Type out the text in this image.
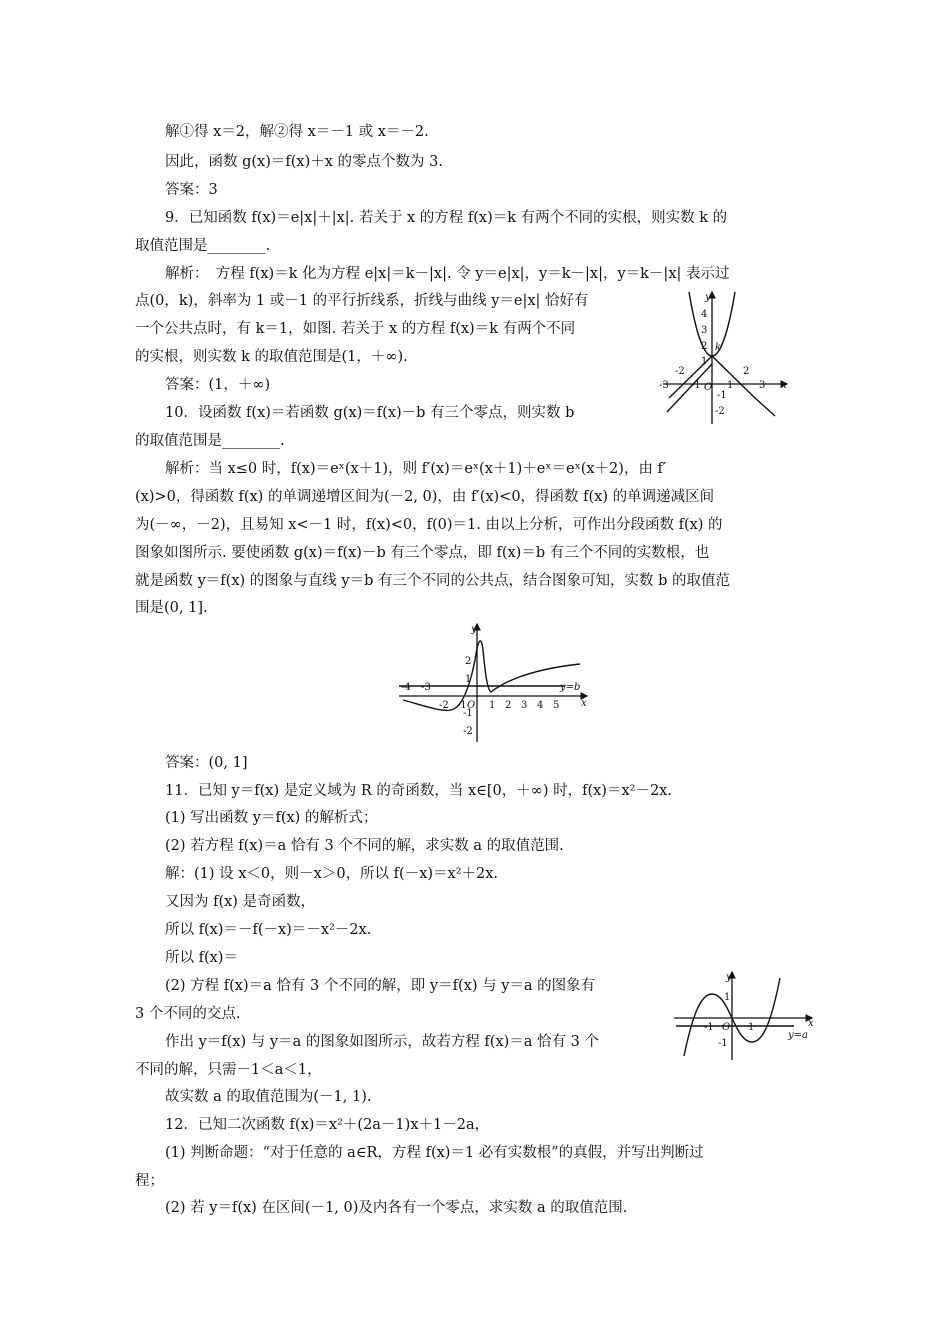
解①得 x＝2，解②得 x＝－1 或 x＝－2.
因此，函数 g(x)＝f(x)＋x 的零点个数为 3.
答案：3
9．已知函数 f(x)＝e|x|＋|x|. 若关于 x 的方程 f(x)＝k 有两个不同的实根，则实数 k 的
取值范围是________.
解析：　方程 f(x)＝k 化为方程 e|x|＝k－|x|. 令 y＝e|x|，y＝k－|x|，y＝k－|x| 表示过
点(0，k)，斜率为 1 或－1 的平行折线系，折线与曲线 y＝e|x| 恰好有
一个公共点时，有 k＝1，如图. 若关于 x 的方程 f(x)＝k 有两个不同
的实根，则实数 k 的取值范围是(1，＋∞).
答案：(1，＋∞)
10．设函数 f(x)＝若函数 g(x)＝f(x)－b 有三个零点，则实数 b
的取值范围是________.
解析：当 x≤0 时，f(x)＝eˣ(x＋1)，则 f′(x)＝eˣ(x＋1)＋eˣ＝eˣ(x＋2)，由 f′
(x)>0，得函数 f(x) 的单调递增区间为(－2, 0)，由 f′(x)<0，得函数 f(x) 的单调递减区间
为(－∞，－2)，且易知 x<－1 时，f(x)<0，f(0)＝1. 由以上分析，可作出分段函数 f(x) 的
图象如图所示. 要使函数 g(x)＝f(x)－b 有三个零点，即 f(x)＝b 有三个不同的实数根，也
就是函数 y＝f(x) 的图象与直线 y＝b 有三个不同的公共点，结合图象可知，实数 b 的取值范
围是(0, 1].
答案：(0, 1]
11．已知 y＝f(x) 是定义域为 R 的奇函数，当 x∈[0，＋∞) 时，f(x)＝x²－2x.
(1) 写出函数 y＝f(x) 的解析式；
(2) 若方程 f(x)＝a 恰有 3 个不同的解，求实数 a 的取值范围.
解：(1) 设 x＜0，则－x＞0，所以 f(－x)＝x²＋2x.
又因为 f(x) 是奇函数，
所以 f(x)＝－f(－x)＝－x²－2x.
所以 f(x)＝
(2) 方程 f(x)＝a 恰有 3 个不同的解，即 y＝f(x) 与 y＝a 的图象有
3 个不同的交点.
作出 y＝f(x) 与 y＝a 的图象如图所示，故若方程 f(x)＝a 恰有 3 个
不同的解，只需－1＜a＜1，
故实数 a 的取值范围为(－1, 1).
12．已知二次函数 f(x)＝x²＋(2a－1)x＋1－2a，
(1) 判断命题：“对于任意的 a∈R，方程 f(x)＝1 必有实数根”的真假，并写出判断过
程；
(2) 若 y＝f(x) 在区间(－1, 0)及内各有一个零点，求实数 a 的取值范围.
y
x
O
k
4
3
2
1
-1
-2
-3
-2
-1	1
2
3
y
x
O
y=b
2
1
-1
-2
-4 -3
-2 -1 1 2 3 4 5
y
x
O
y=a
1
-1
-1	1
